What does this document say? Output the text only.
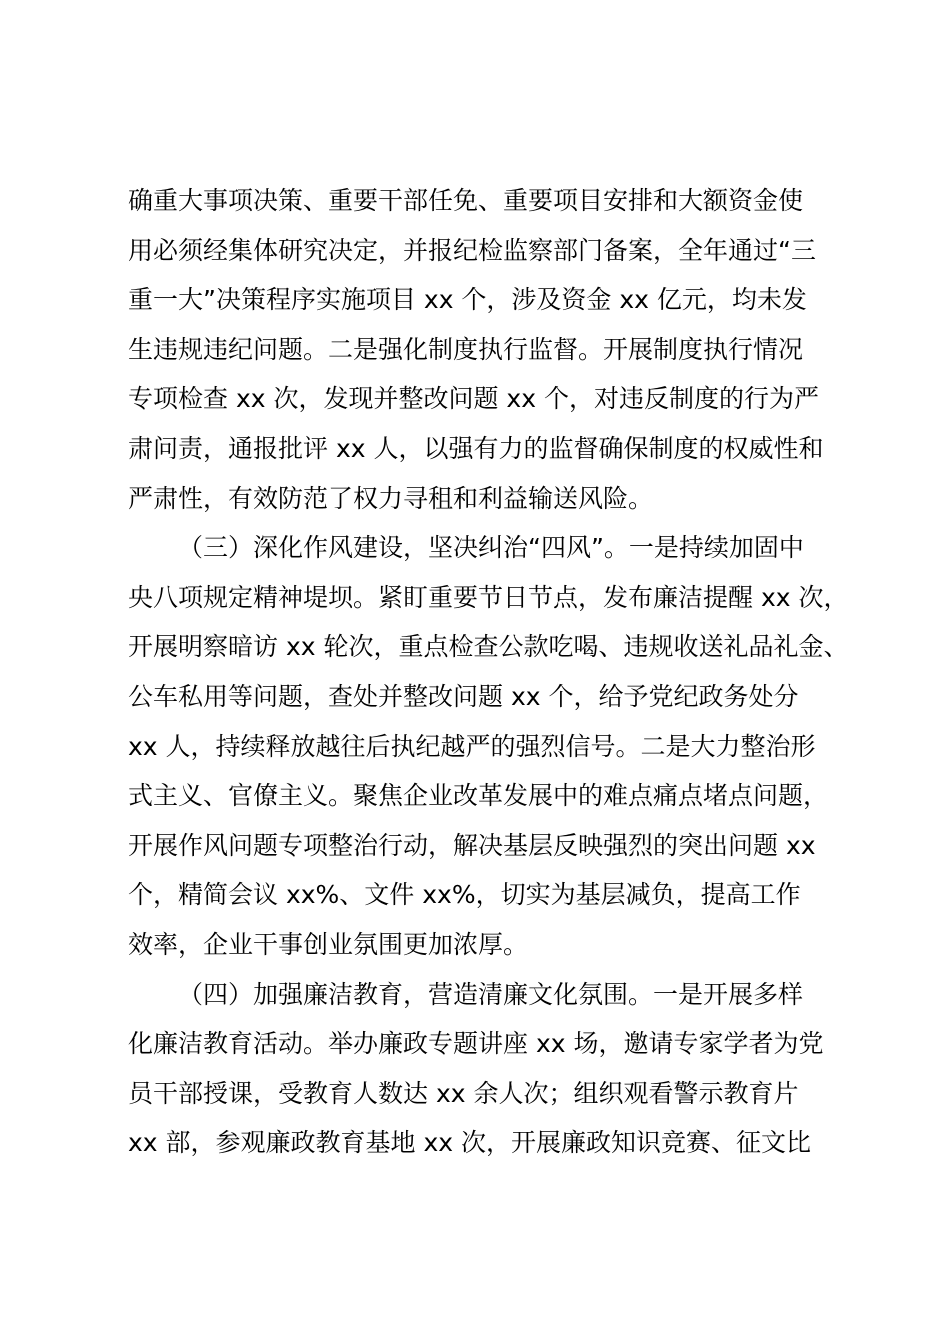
确重大事项决策、重要干部任免、重要项目安排和大额资金使
用必须经集体研究决定，并报纪检监察部门备案，全年通过“三
重一大”决策程序实施项目 xx 个，涉及资金 xx 亿元，均未发
生违规违纪问题。二是强化制度执行监督。开展制度执行情况
专项检查 xx 次，发现并整改问题 xx 个，对违反制度的行为严
肃问责，通报批评 xx 人，以强有力的监督确保制度的权威性和
严肃性，有效防范了权力寻租和利益输送风险。
（三）深化作风建设，坚决纠治“四风”。一是持续加固中
央八项规定精神堤坝。紧盯重要节日节点，发布廉洁提醒 xx 次，
开展明察暗访 xx 轮次，重点检查公款吃喝、违规收送礼品礼金、
公车私用等问题，查处并整改问题 xx 个，给予党纪政务处分
xx 人，持续释放越往后执纪越严的强烈信号。二是大力整治形
式主义、官僚主义。聚焦企业改革发展中的难点痛点堵点问题，
开展作风问题专项整治行动，解决基层反映强烈的突出问题 xx
个，精简会议 xx%、文件 xx%，切实为基层减负，提高工作
效率，企业干事创业氛围更加浓厚。
（四）加强廉洁教育，营造清廉文化氛围。一是开展多样
化廉洁教育活动。举办廉政专题讲座 xx 场，邀请专家学者为党
员干部授课，受教育人数达 xx 余人次；组织观看警示教育片
xx 部，参观廉政教育基地 xx 次，开展廉政知识竞赛、征文比
